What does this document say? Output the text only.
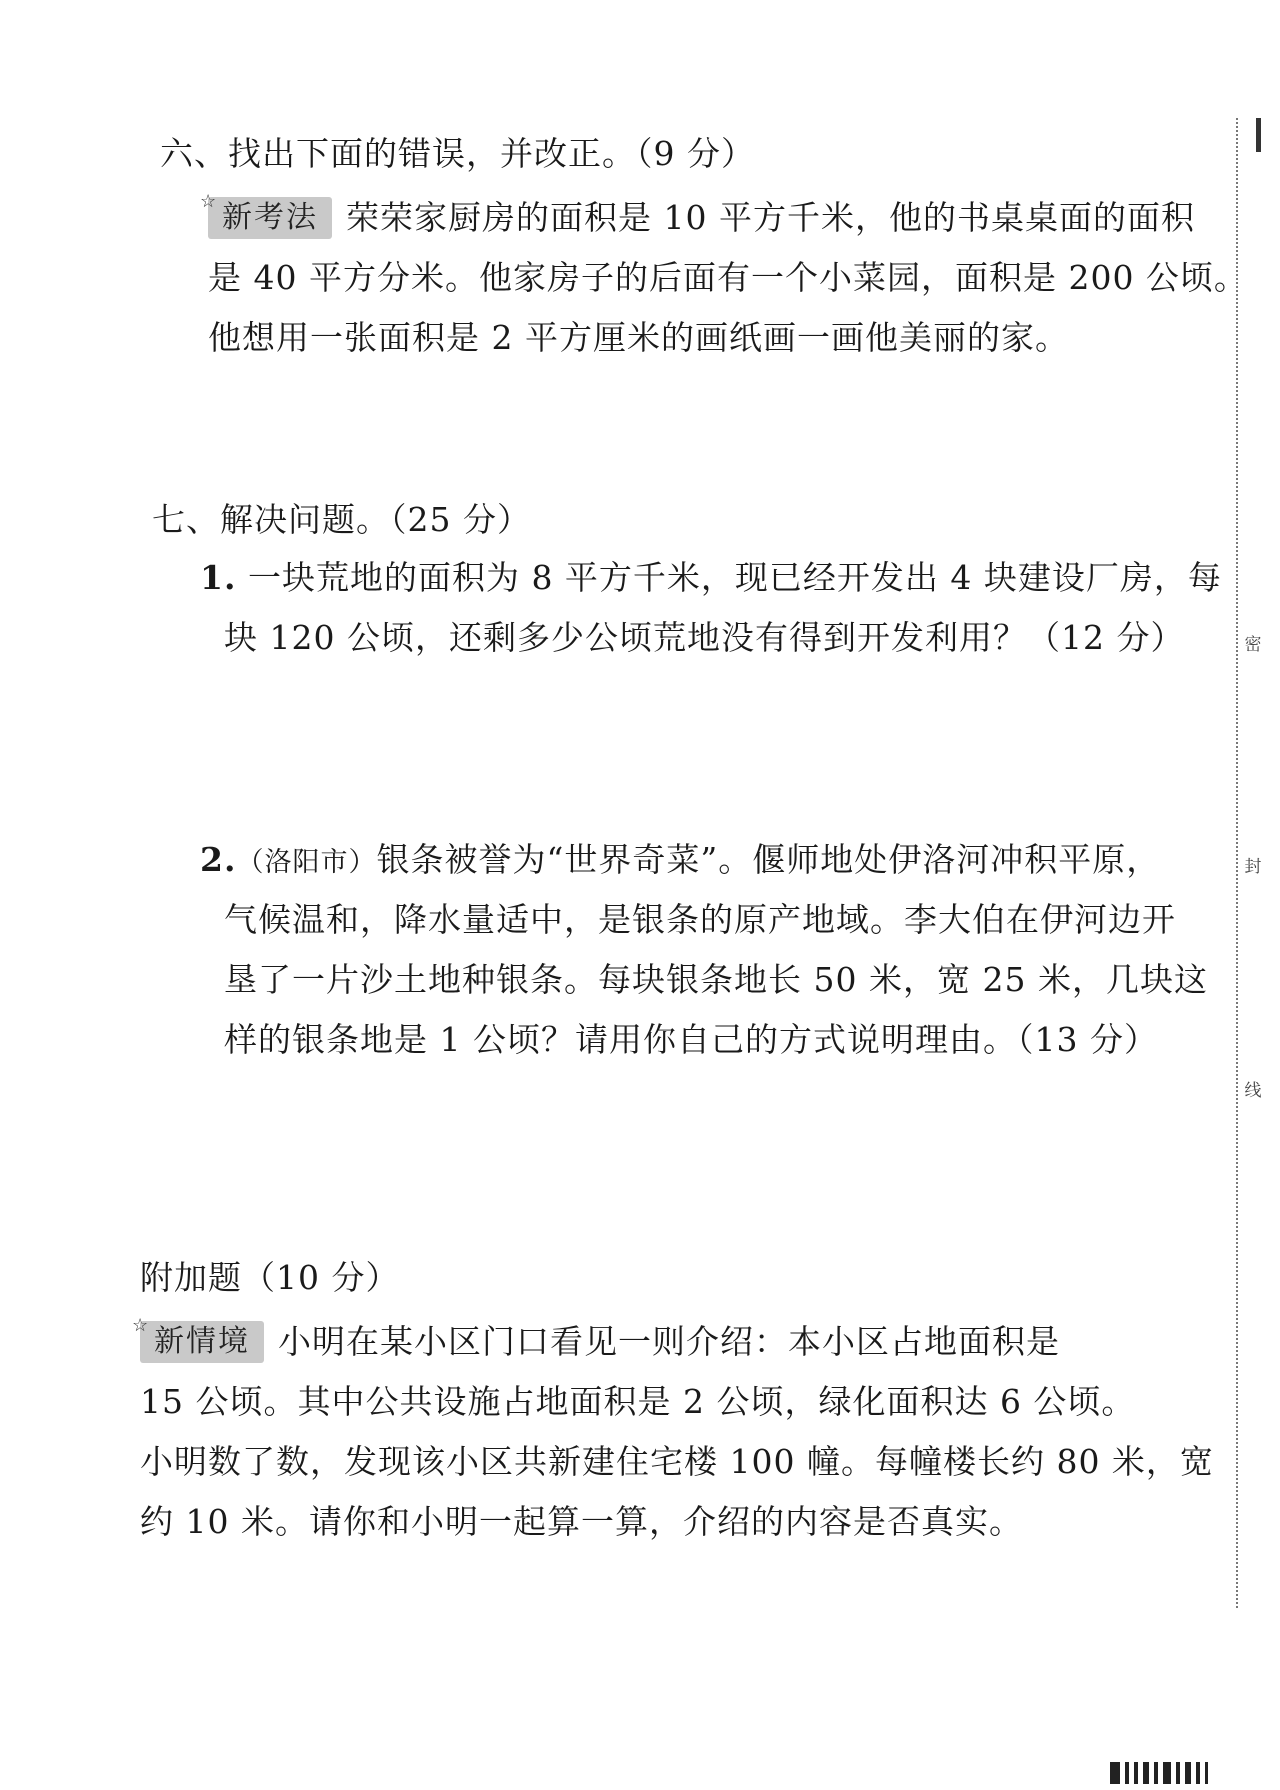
六、找出下面的错误，并改正。（9 分）
☆ 新考法 荣荣家厨房的面积是 10 平方千米，他的书桌桌面的面积
是 40 平方分米。他家房子的后面有一个小菜园，面积是 200 公顷。
他想用一张面积是 2 平方厘米的画纸画一画他美丽的家。
七、解决问题。（25 分）
1. 一块荒地的面积为 8 平方千米，现已经开发出 4 块建设厂房，每
块 120 公顷，还剩多少公顷荒地没有得到开发利用？（12 分）
2.（洛阳市）银条被誉为“世界奇菜”。偃师地处伊洛河冲积平原，
气候温和，降水量适中，是银条的原产地域。李大伯在伊河边开
垦了一片沙土地种银条。每块银条地长 50 米，宽 25 米，几块这
样的银条地是 1 公顷？请用你自己的方式说明理由。（13 分）
附加题（10 分）
☆ 新情境 小明在某小区门口看见一则介绍：本小区占地面积是
15 公顷。其中公共设施占地面积是 2 公顷，绿化面积达 6 公顷。
小明数了数，发现该小区共新建住宅楼 100 幢。每幢楼长约 80 米，宽
约 10 米。请你和小明一起算一算，介绍的内容是否真实。
密
封
线
